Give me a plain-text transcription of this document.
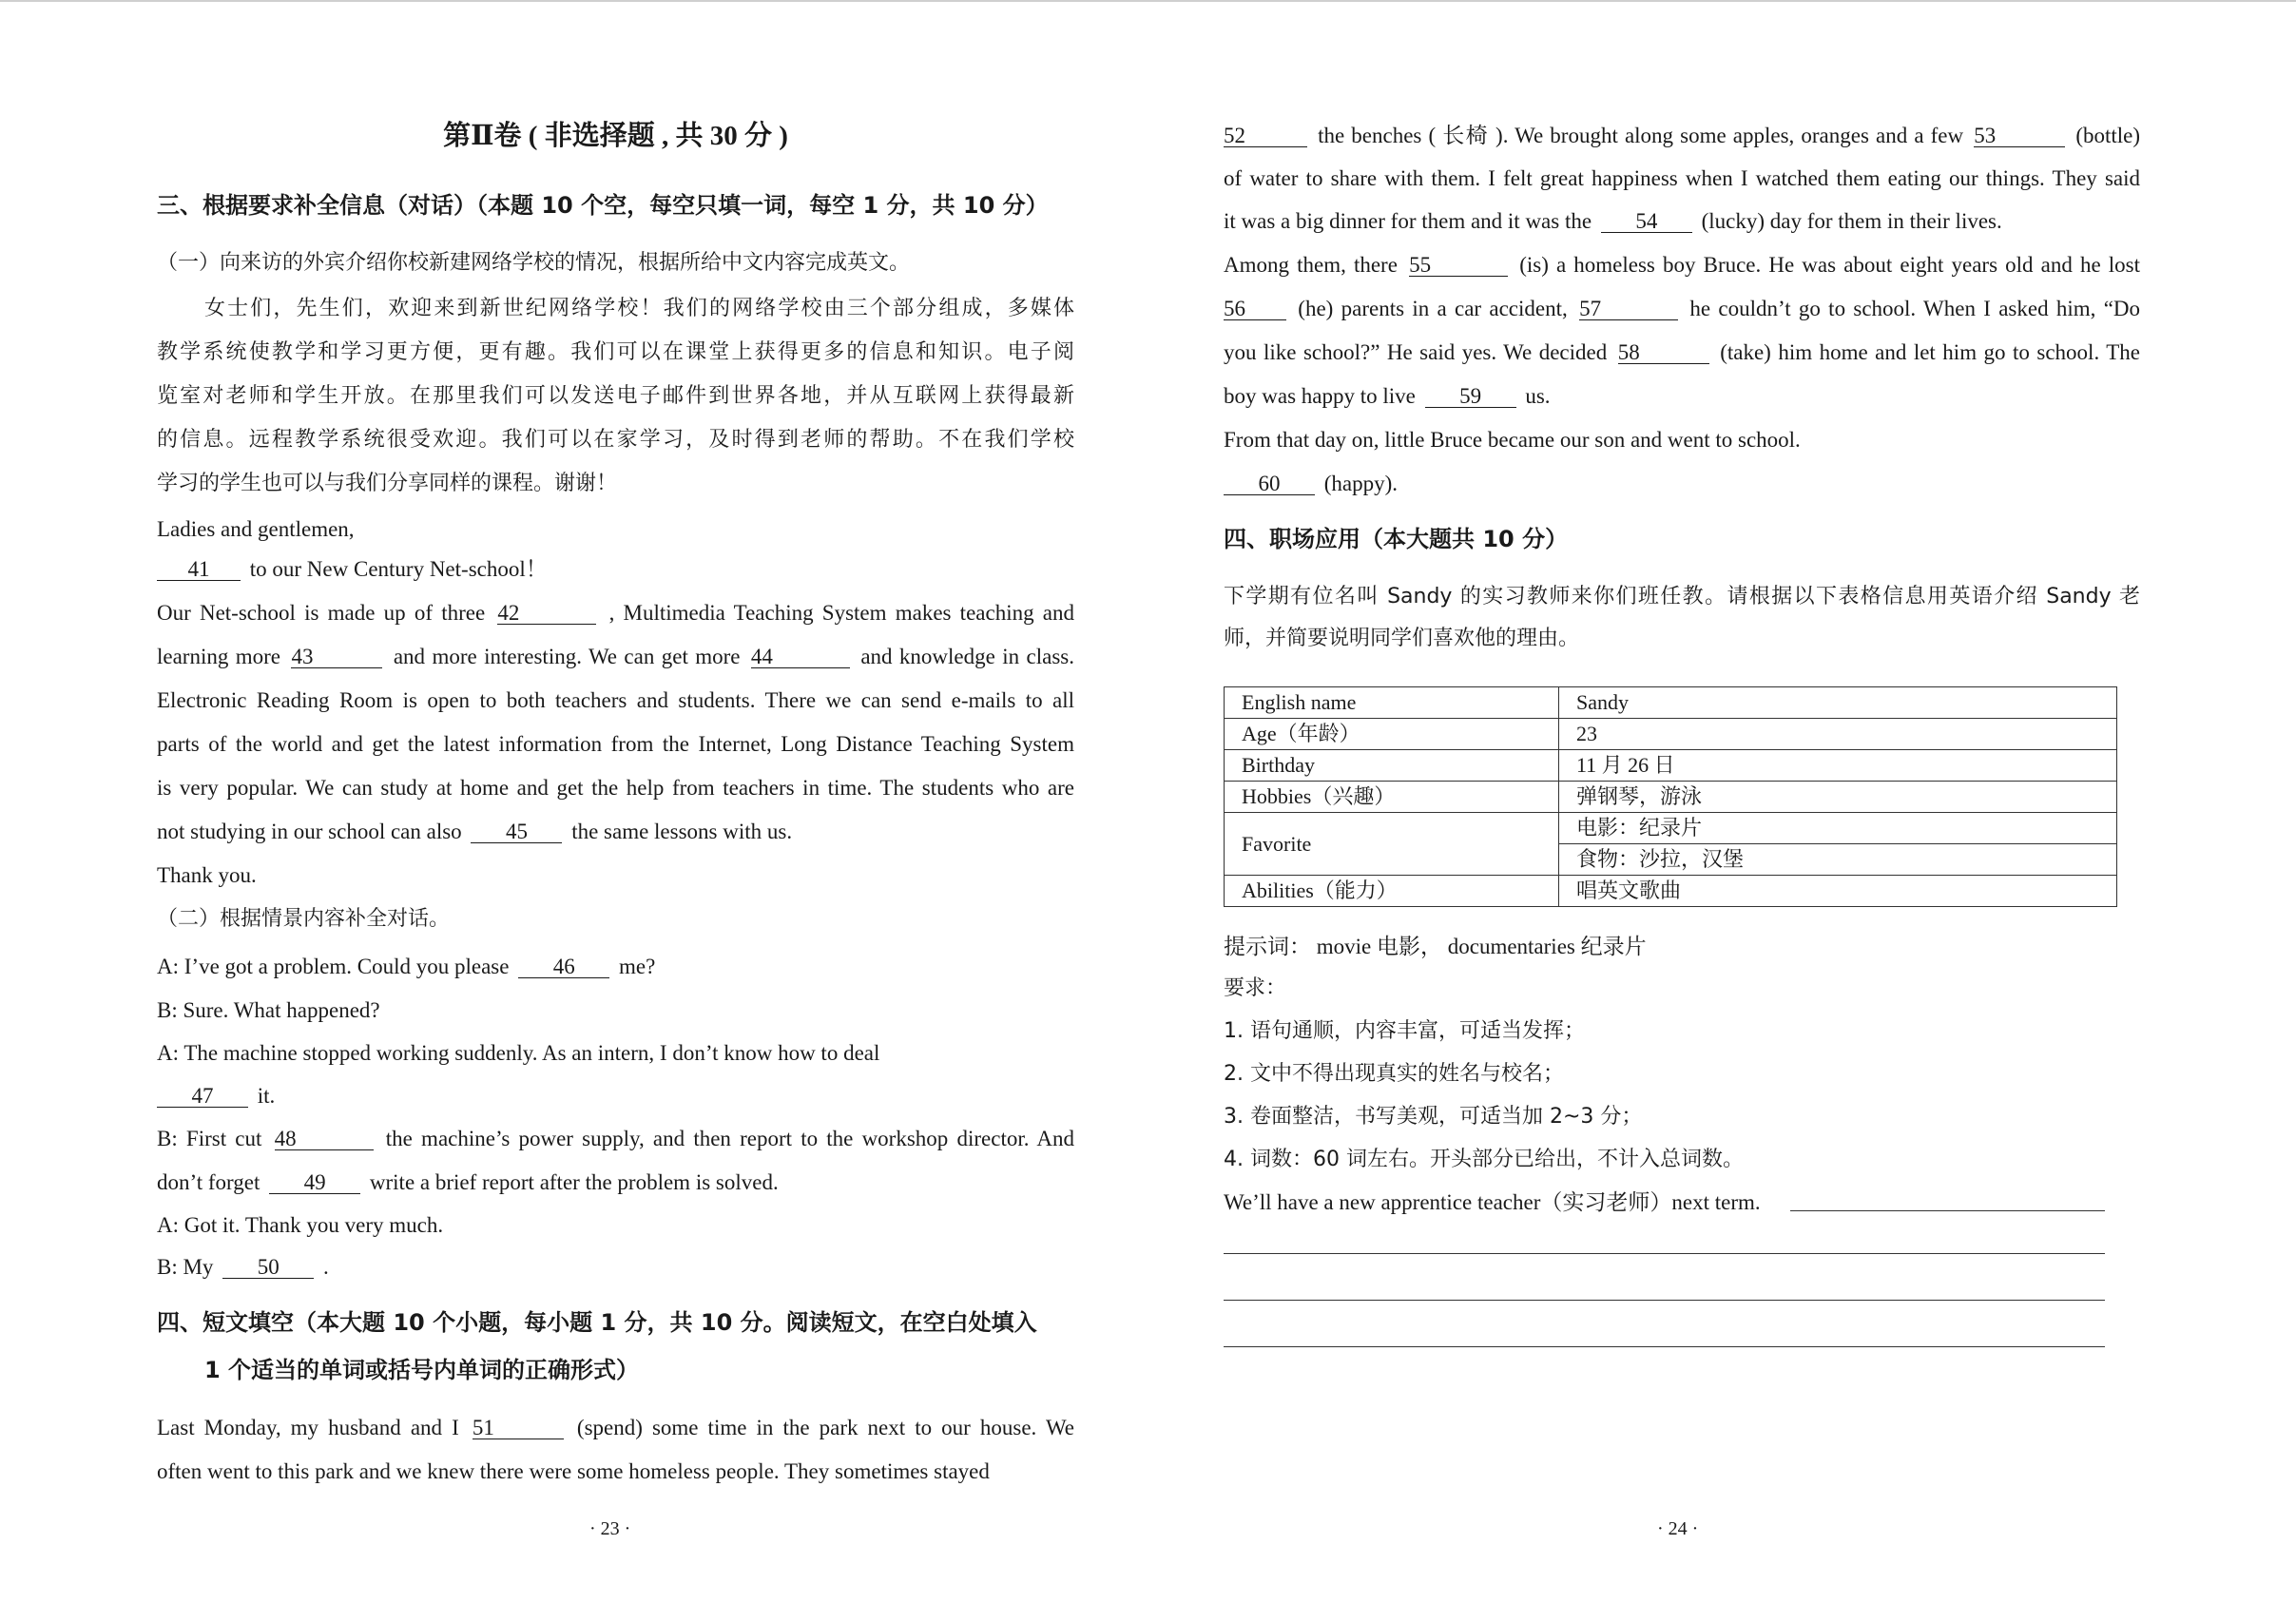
第Ⅱ卷 ( 非选择题 , 共 30 分 )
三、根据要求补全信息（对话）（本题 10 个空，每空只填一词，每空 1 分，共 10 分）
（一）向来访的外宾介绍你校新建网络学校的情况，根据所给中文内容完成英文。
女士们，先生们，欢迎来到新世纪网络学校！我们的网络学校由三个部分组成，多媒体
教学系统使教学和学习更方便，更有趣。我们可以在课堂上获得更多的信息和知识。电子阅
览室对老师和学生开放。在那里我们可以发送电子邮件到世界各地，并从互联网上获得最新
的信息。远程教学系统很受欢迎。我们可以在家学习，及时得到老师的帮助。不在我们学校
学习的学生也可以与我们分享同样的课程。谢谢！
Ladies and gentlemen,
41 to our New Century Net-school！
Our Net-school is made up of three 42	, Multimedia Teaching System makes teaching and
learning more 43	and more interesting. We can get more 44	and knowledge in class.
Electronic Reading Room is open to both teachers and students. There we can send e-mails to all
parts of the world and get the latest information from the Internet, Long Distance Teaching System
is very popular. We can study at home and get the help from teachers in time. The students who are
not studying in our school can also 45 the same lessons with us.
Thank you.
（二）根据情景内容补全对话。
A: I’ve got a problem. Could you please 46 me?
B: Sure. What happened?
A: The machine stopped working suddenly. As an intern, I don’t know how to deal
47 it.
B: First cut 48	the machine’s power supply, and then report to the workshop director. And
don’t forget 49 write a brief report after the problem is solved.
A: Got it. Thank you very much.
B: My 50 .
四、短文填空（本大题 10 个小题，每小题 1 分，共 10 分。阅读短文，在空白处填入
1 个适当的单词或括号内单词的正确形式）
Last Monday, my husband and I 51	(spend) some time in the park next to our house. We
often went to this park and we knew there were some homeless people. They sometimes stayed
· 23 ·
52	the benches ( 长椅 ). We brought along some apples, oranges and a few 53	(bottle)
of water to share with them. I felt great happiness when I watched them eating our things. They said
it was a big dinner for them and it was the 54 (lucky) day for them in their lives.
Among them, there 55	(is) a homeless boy Bruce. He was about eight years old and he lost
56 (he) parents in a car accident, 57	he couldn’t go to school. When I asked him, “Do
you like school?” He said yes. We decided 58	(take) him home and let him go to school. The
boy was happy to live 59 us.
From that day on, little Bruce became our son and went to school.
60 (happy).
四、职场应用（本大题共 10 分）
下学期有位名叫 Sandy 的实习教师来你们班任教。请根据以下表格信息用英语介绍 Sandy 老
师，并简要说明同学们喜欢他的理由。
English name	Sandy
Age（年龄）	23
Birthday	11 月 26 日
Hobbies（兴趣）	弹钢琴，游泳
Favorite	电影：纪录片
	食物：沙拉，汉堡
Abilities（能力）	唱英文歌曲
提示词： movie 电影， documentaries 纪录片
要求：
1. 语句通顺，内容丰富，可适当发挥；
2. 文中不得出现真实的姓名与校名；
3. 卷面整洁，书写美观，可适当加 2~3 分；
4. 词数：60 词左右。开头部分已给出，不计入总词数。
We’ll have a new apprentice teacher（实习老师）next term.
· 24 ·
